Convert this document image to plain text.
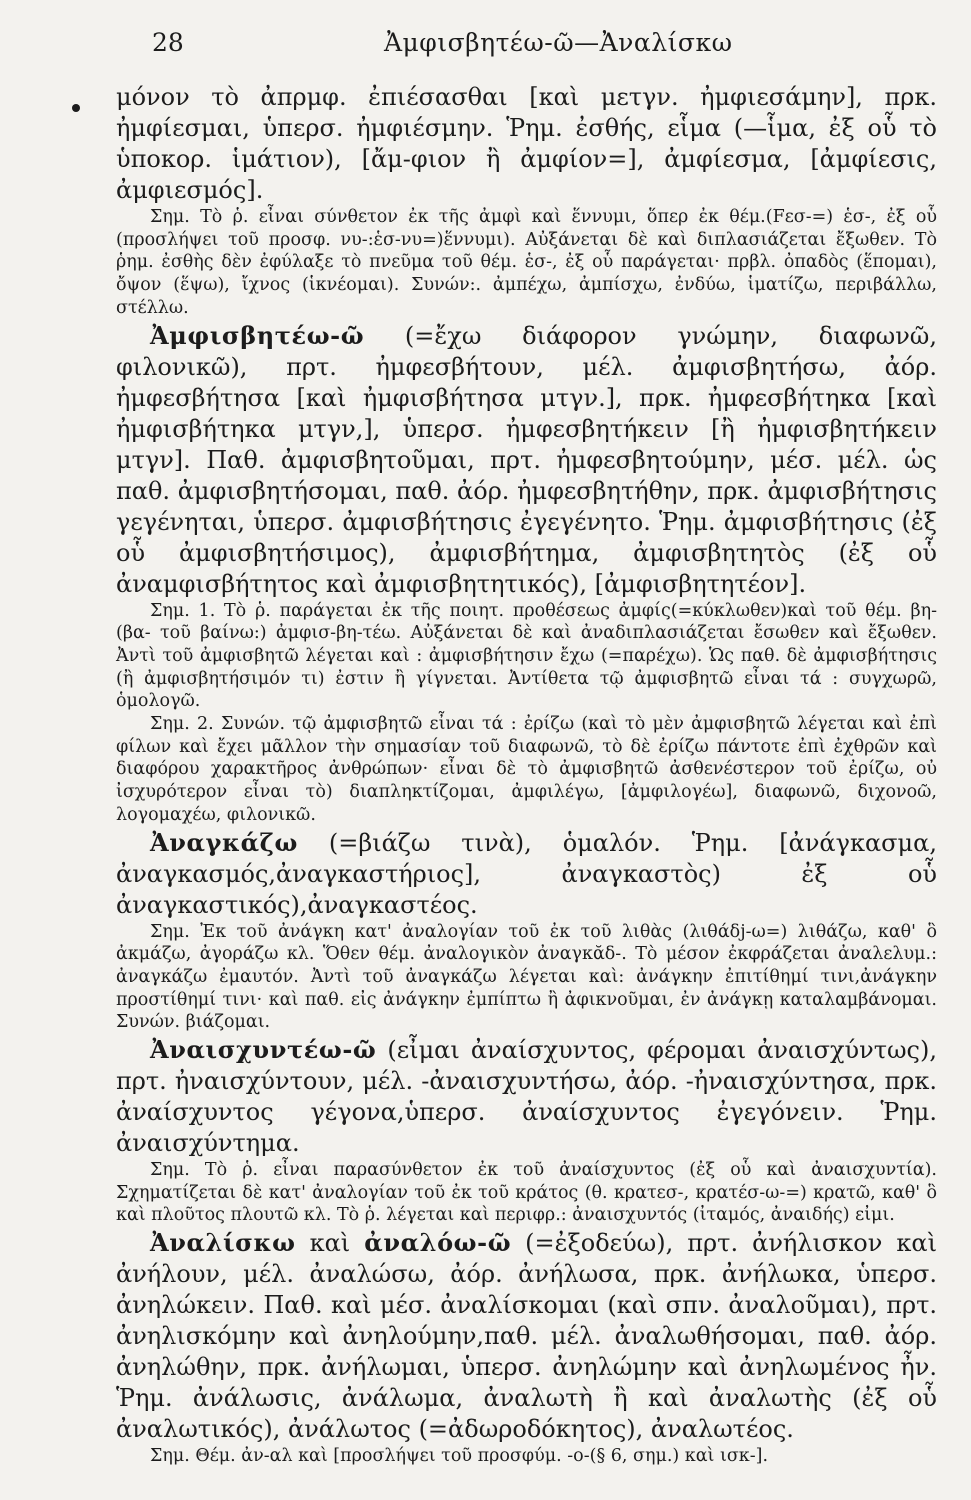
28	Ἀμφισβητέω-ῶ—Ἀναλίσκω

μόνον τὸ ἀπρμφ. ἐπιέσασθαι [καὶ μετγν. ἠμφιεσάμην], πρκ. ἠμφίεσμαι, ὑπερσ. ἠμφιέσμην. Ῥημ. ἐσθής, εἷμα (—ἷμα, ἐξ οὗ τὸ ὑποκορ. ἱμάτιον), [ἄμ-φιον ἢ ἀμφίον=], ἀμφίεσμα, [ἀμφίεσις, ἀμφιεσμός].

Σημ. Τὸ ῥ. εἶναι σύνθετον ἐκ τῆς ἀμφὶ καὶ ἕννυμι, ὅπερ ἐκ θέμ.(Fεσ-=) ἑσ-, ἐξ οὗ (προσλήψει τοῦ προσφ. νυ-:ἑσ-νυ=)ἕννυμι). Αὐξάνεται δὲ καὶ διπλασιάζεται ἔξωθεν. Τὸ ῥημ. ἐσθὴς δὲν ἐφύλαξε τὸ πνεῦμα τοῦ θέμ. ἑσ-, ἐξ οὗ παράγεται· πρβλ. ὀπαδὸς (ἕπομαι), ὄψον (ἕψω), ἴχνος (ἱκνέομαι). Συνών:. ἀμπέχω, ἀμπίσχω, ἐνδύω, ἱματίζω, περιβάλλω, στέλλω.

Ἀμφισβητέω-ῶ (=ἔχω διάφορον γνώμην, διαφωνῶ, φιλονικῶ), πρτ. ἠμφεσβήτουν, μέλ. ἀμφισβητήσω, ἀόρ. ἠμφεσβήτησα [καὶ ἠμφισβήτησα μτγν.], πρκ. ἠμφεσβήτηκα [καὶ ἠμφισβήτηκα μτγν,], ὑπερσ. ἠμφεσβητήκειν [ἢ ἠμφισβητήκειν μτγν]. Παθ. ἀμφισβητοῦμαι, πρτ. ἠμφεσβητούμην, μέσ. μέλ. ὡς παθ. ἀμφισβητήσομαι, παθ. ἀόρ. ἠμφεσβητήθην, πρκ. ἀμφισβήτησις γεγένηται, ὑπερσ. ἀμφισβήτησις ἐγεγένητο. Ῥημ. ἀμφισβήτησις (ἐξ οὗ ἀμφισβητήσιμος), ἀμφισβήτημα, ἀμφισβητητὸς (ἐξ οὗ ἀναμφισβήτητος καὶ ἀμφισβητητικός), [ἀμφισβητητέον].

Σημ. 1. Τὸ ῥ. παράγεται ἐκ τῆς ποιητ. προθέσεως ἀμφίς(=κύκλωθεν)καὶ τοῦ θέμ. βη- (βα- τοῦ βαίνω:) ἀμφισ-βη-τέω. Αὐξάνεται δὲ καὶ ἀναδιπλασιάζεται ἔσωθεν καὶ ἔξωθεν. Ἀντὶ τοῦ ἀμφισβητῶ λέγεται καὶ : ἀμφισβήτησιν ἔχω (=παρέχω). Ὡς παθ. δὲ ἀμφισβήτησις (ἢ ἀμφισβητήσιμόν τι) ἐστιν ἢ γίγνεται. Ἀντίθετα τῷ ἀμφισβητῶ εἶναι τά : συγχωρῶ, ὁμολογῶ.

Σημ. 2. Συνών. τῷ ἀμφισβητῶ εἶναι τά : ἐρίζω (καὶ τὸ μὲν ἀμφισβητῶ λέγεται καὶ ἐπὶ φίλων καὶ ἔχει μᾶλλον τὴν σημασίαν τοῦ διαφωνῶ, τὸ δὲ ἐρίζω πάντοτε ἐπὶ ἐχθρῶν καὶ διαφόρου χαρακτῆρος ἀνθρώπων· εἶναι δὲ τὸ ἀμφισβητῶ ἀσθενέστερον τοῦ ἐρίζω, οὐ ἰσχυρότερον εἶναι τὸ) διαπληκτίζομαι, ἀμφιλέγω, [ἀμφιλογέω], διαφωνῶ, διχονοῶ, λογομαχέω, φιλονικῶ.

Ἀναγκάζω (=βιάζω τινὰ), ὁμαλόν. Ῥημ. [ἀνάγκασμα, ἀναγκασμός,ἀναγκαστήριος], ἀναγκαστὸς) ἐξ οὗ ἀναγκαστικός),ἀναγκαστέος.

Σημ. Ἐκ τοῦ ἀνάγκη κατ' ἀναλογίαν τοῦ ἐκ τοῦ λιθὰς (λιθάδj-ω=) λιθάζω, καθ' ὃ ἀκμάζω, ἀγοράζω κλ. Ὅθεν θέμ. ἀναλογικὸν ἀναγκᾰδ-. Τὸ μέσον ἐκφράζεται ἀναλελυμ.: ἀναγκάζω ἐμαυτόν. Ἀντὶ τοῦ ἀναγκάζω λέγεται καὶ: ἀνάγκην ἐπιτίθημί τινι,ἀνάγκην προστίθημί τινι· καὶ παθ. εἰς ἀνάγκην ἐμπίπτω ἢ ἀφικνοῦμαι, ἐν ἀνάγκῃ καταλαμβάνομαι. Συνών. βιάζομαι.

Ἀναισχυντέω-ῶ (εἶμαι ἀναίσχυντος, φέρομαι ἀναισχύντως), πρτ. ἠναισχύντουν, μέλ. -ἀναισχυντήσω, ἀόρ. -ἠναισχύντησα, πρκ. ἀναίσχυντος γέγονα,ὑπερσ. ἀναίσχυντος ἐγεγόνειν. Ῥημ. ἀναισχύντημα.

Σημ. Τὸ ῥ. εἶναι παρασύνθετον ἐκ τοῦ ἀναίσχυντος (ἐξ οὗ καὶ ἀναισχυντία). Σχηματίζεται δὲ κατ' ἀναλογίαν τοῦ ἐκ τοῦ κράτος (θ. κρατεσ-, κρατέσ-ω-=) κρατῶ, καθ' ὃ καὶ πλοῦτος πλουτῶ κλ. Τὸ ῥ. λέγεται καὶ περιφρ.: ἀναισχυντός (ἰταμός, ἀναιδής) εἰμι.

Ἀναλίσκω καὶ ἀναλόω-ῶ (=ἐξοδεύω), πρτ. ἀνήλισκον καὶ ἀνήλουν, μέλ. ἀναλώσω, ἀόρ. ἀνήλωσα, πρκ. ἀνήλωκα, ὑπερσ. ἀνηλώκειν. Παθ. καὶ μέσ. ἀναλίσκομαι (καὶ σπν. ἀναλοῦμαι), πρτ. ἀνηλισκόμην καὶ ἀνηλούμην,παθ. μέλ. ἀναλωθήσομαι, παθ. ἀόρ. ἀνηλώθην, πρκ. ἀνήλωμαι, ὑπερσ. ἀνηλώμην καὶ ἀνηλωμένος ἦν. Ῥημ. ἀνάλωσις, ἀνάλωμα, ἀναλωτὴ ἢ καὶ ἀναλωτὴς (ἐξ οὗ ἀναλωτικός), ἀνάλωτος (=ἀδωροδόκητος), ἀναλωτέος.

Σημ. Θέμ. ἀν-αλ καὶ [προσλήψει τοῦ προσφύμ. -ο-(§ 6, σημ.) καὶ ισκ-].
